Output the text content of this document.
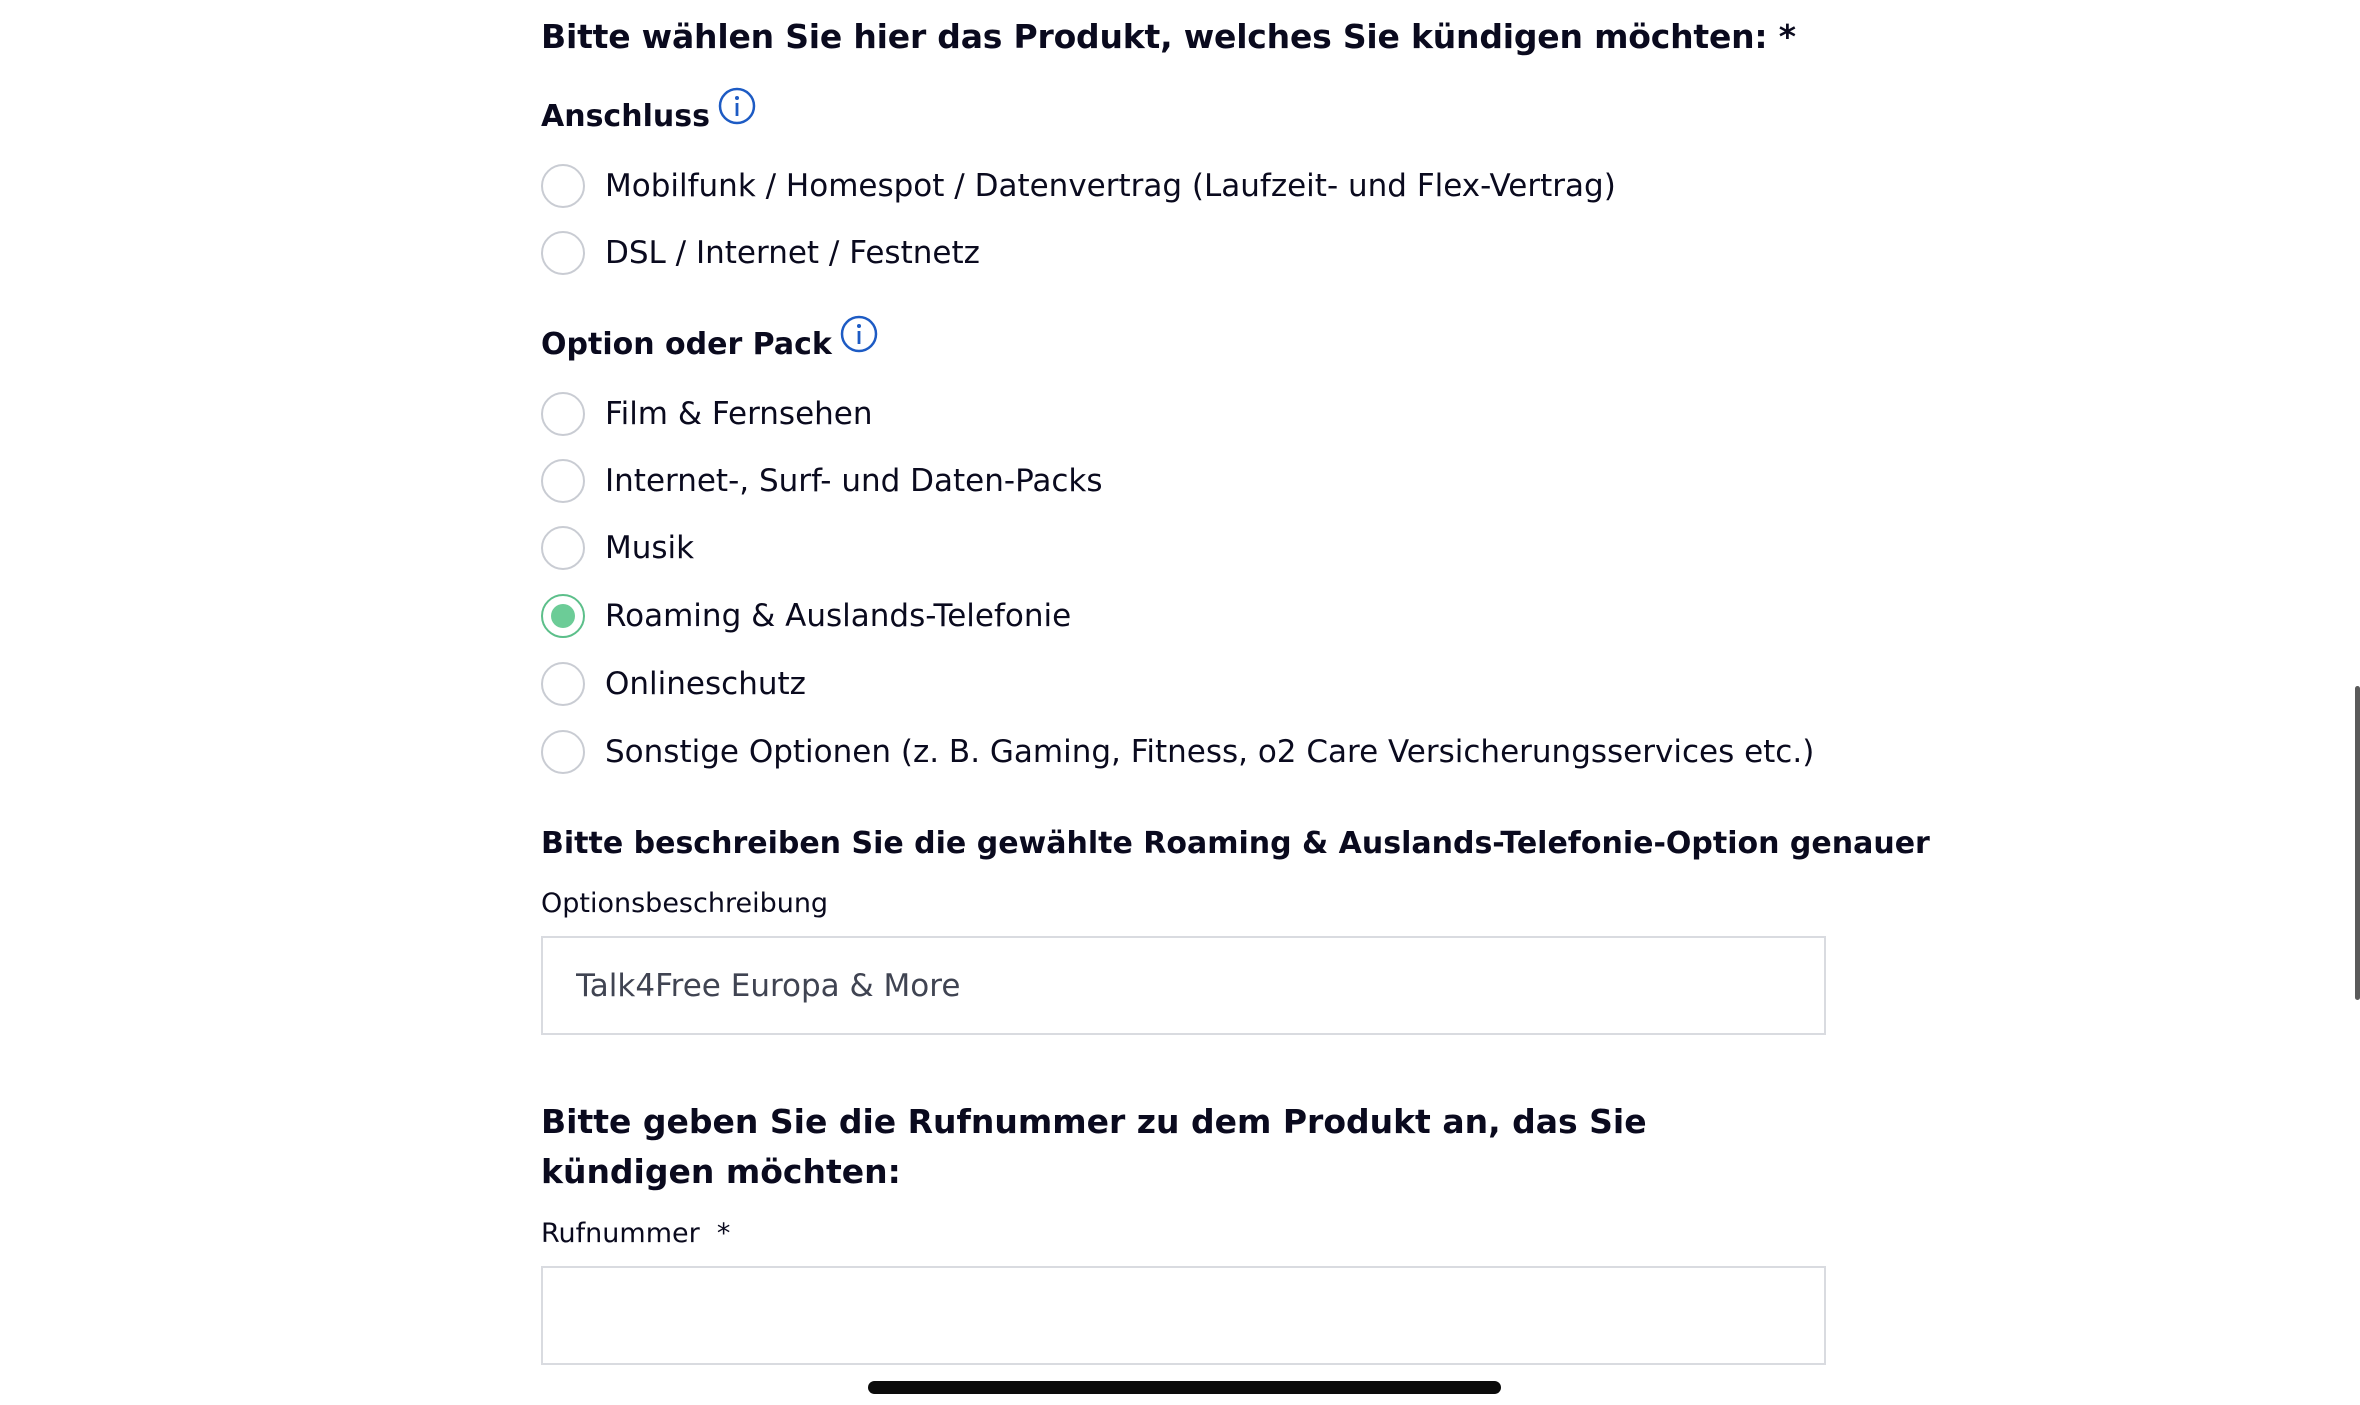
Bitte wählen Sie hier das Produkt, welches Sie kündigen möchten: *
Anschluss
Mobilfunk / Homespot / Datenvertrag (Laufzeit- und Flex-Vertrag)
DSL / Internet / Festnetz
Option oder Pack
Film & Fernsehen
Internet-, Surf- und Daten-Packs
Musik
Roaming & Auslands-Telefonie
Onlineschutz
Sonstige Optionen (z. B. Gaming, Fitness, o2 Care Versicherungsservices etc.)
Bitte beschreiben Sie die gewählte Roaming & Auslands-Telefonie-Option genauer
Optionsbeschreibung
Talk4Free Europa & More
Bitte geben Sie die Rufnummer zu dem Produkt an, das Sie kündigen möchten:
Rufnummer  *
